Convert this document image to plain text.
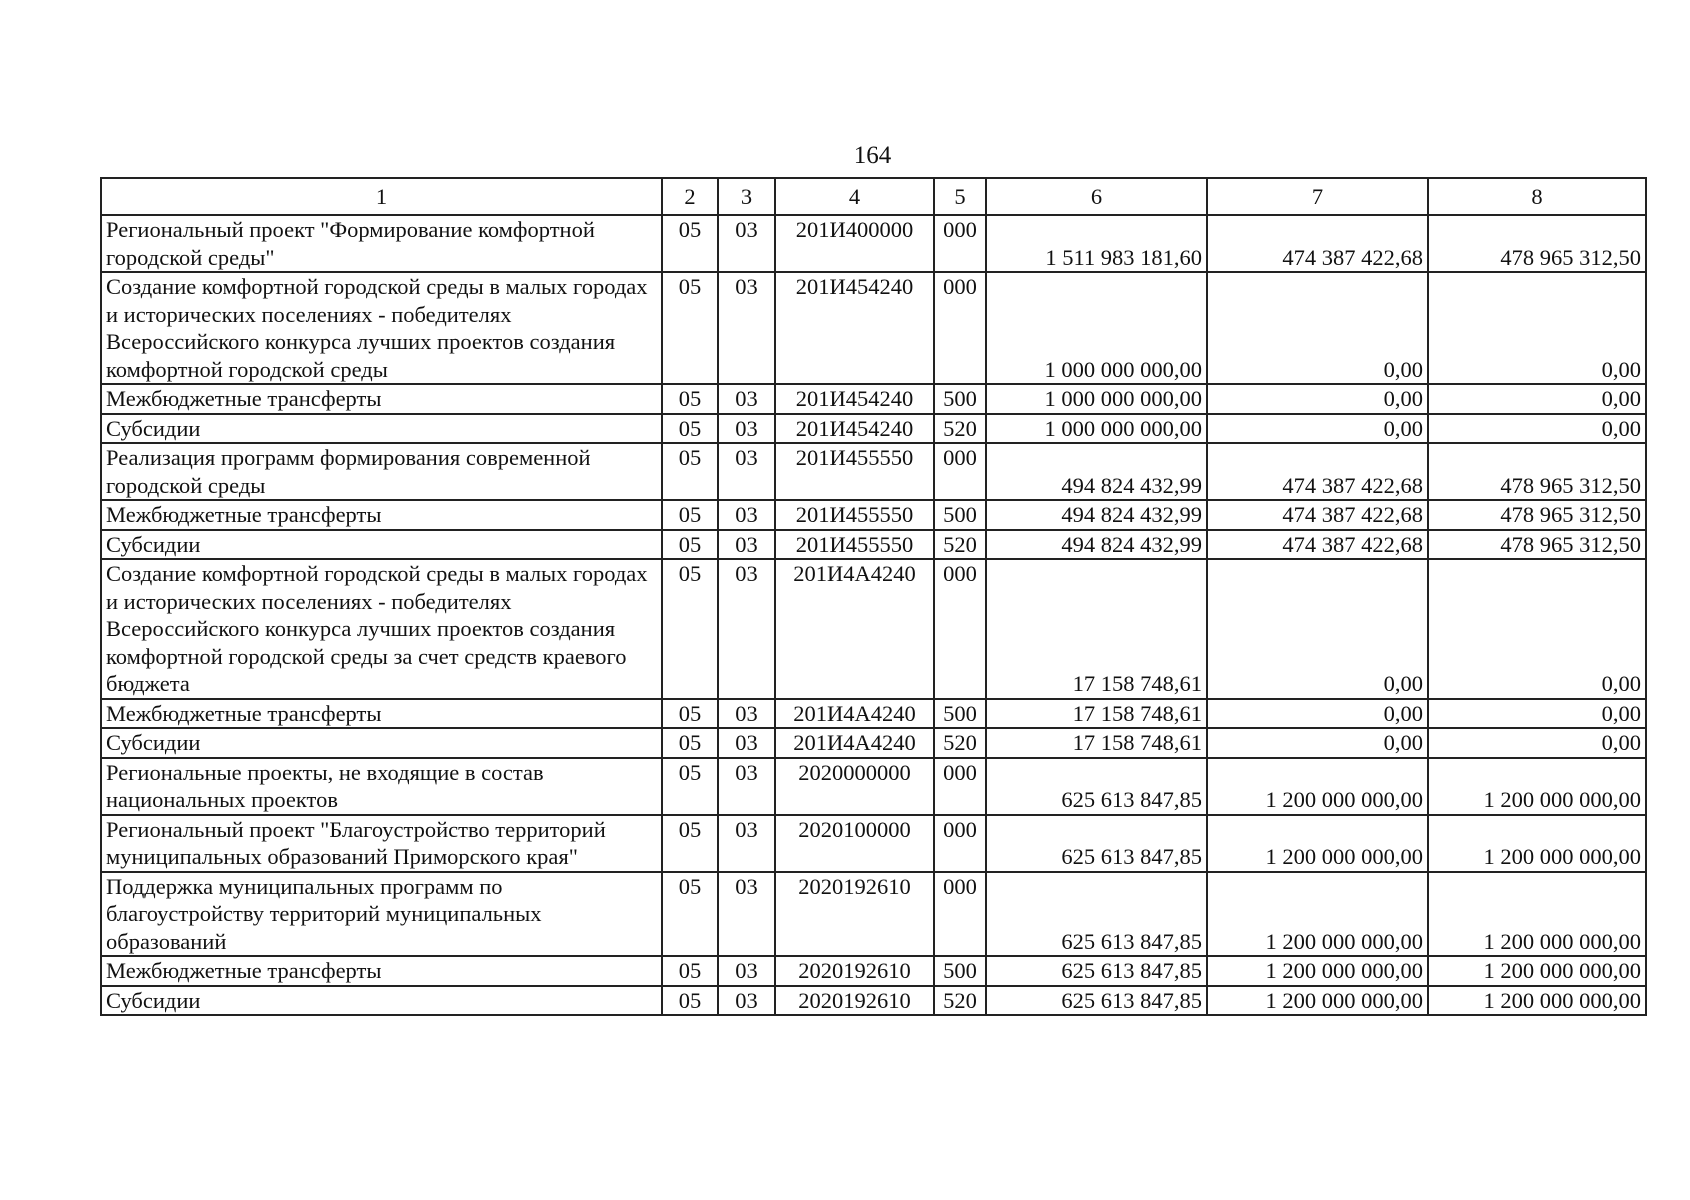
164
1	2	3	4	5	6	7	8
Региональный проект "Формирование комфортной городской среды"	05	03	201И400000	000	1 511 983 181,60	474 387 422,68	478 965 312,50
Создание комфортной городской среды в малых городах и исторических поселениях - победителях Всероссийского конкурса лучших проектов создания комфортной городской среды	05	03	201И454240	000	1 000 000 000,00	0,00	0,00
Межбюджетные трансферты	05	03	201И454240	500	1 000 000 000,00	0,00	0,00
Субсидии	05	03	201И454240	520	1 000 000 000,00	0,00	0,00
Реализация программ формирования современной городской среды	05	03	201И455550	000	494 824 432,99	474 387 422,68	478 965 312,50
Межбюджетные трансферты	05	03	201И455550	500	494 824 432,99	474 387 422,68	478 965 312,50
Субсидии	05	03	201И455550	520	494 824 432,99	474 387 422,68	478 965 312,50
Создание комфортной городской среды в малых городах и исторических поселениях - победителях Всероссийского конкурса лучших проектов создания комфортной городской среды за счет средств краевого бюджета	05	03	201И4А4240	000	17 158 748,61	0,00	0,00
Межбюджетные трансферты	05	03	201И4А4240	500	17 158 748,61	0,00	0,00
Субсидии	05	03	201И4А4240	520	17 158 748,61	0,00	0,00
Региональные проекты, не входящие в состав национальных проектов	05	03	2020000000	000	625 613 847,85	1 200 000 000,00	1 200 000 000,00
Региональный проект "Благоустройство территорий муниципальных образований Приморского края"	05	03	2020100000	000	625 613 847,85	1 200 000 000,00	1 200 000 000,00
Поддержка муниципальных программ по благоустройству территорий муниципальных образований	05	03	2020192610	000	625 613 847,85	1 200 000 000,00	1 200 000 000,00
Межбюджетные трансферты	05	03	2020192610	500	625 613 847,85	1 200 000 000,00	1 200 000 000,00
Субсидии	05	03	2020192610	520	625 613 847,85	1 200 000 000,00	1 200 000 000,00
